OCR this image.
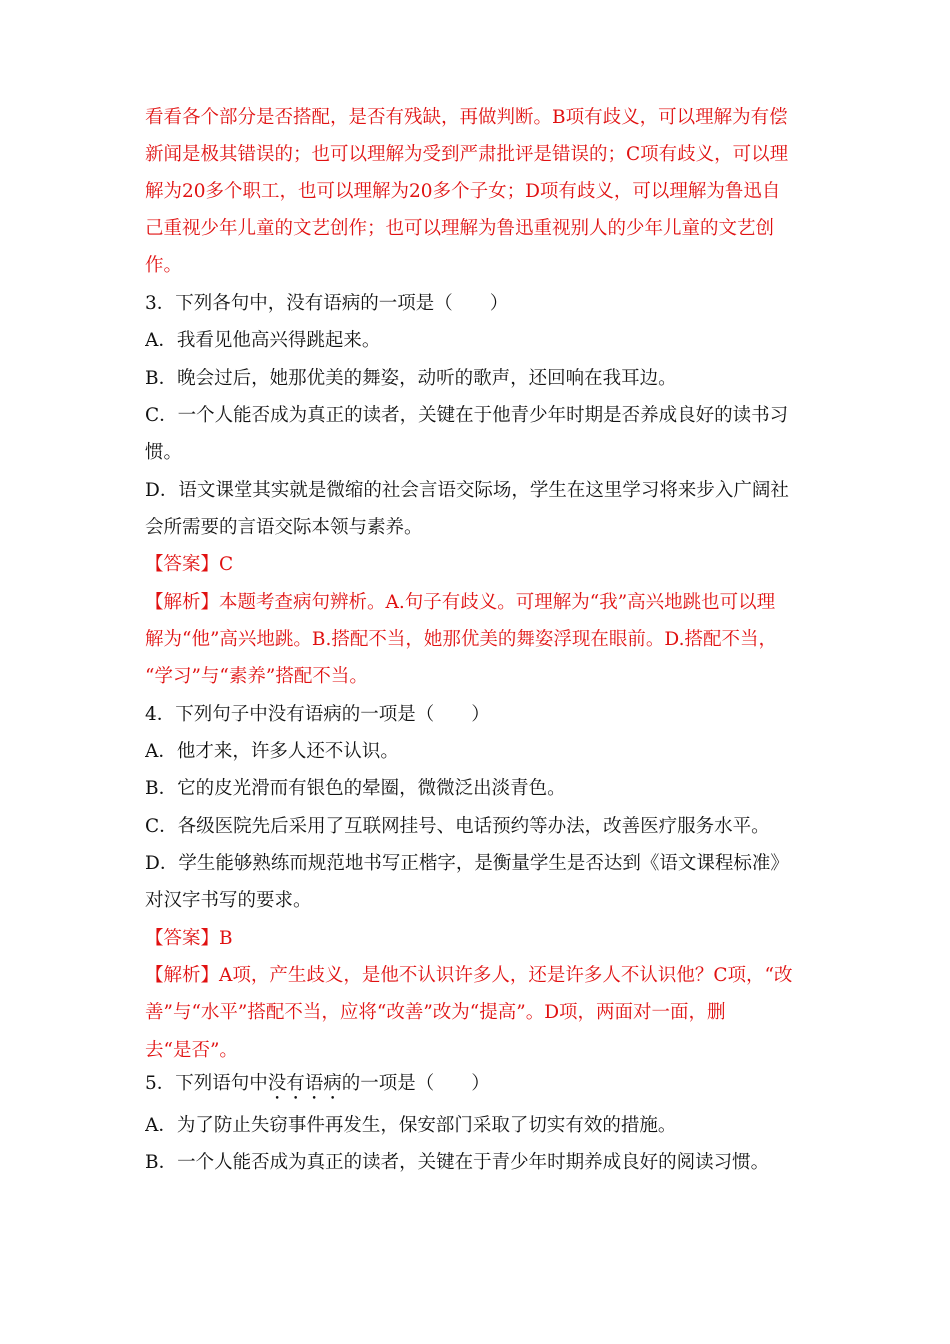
看看各个部分是否搭配，是否有残缺，再做判断。B项有歧义，可以理解为有偿
新闻是极其错误的；也可以理解为受到严肃批评是错误的；C项有歧义，可以理
解为20多个职工，也可以理解为20多个子女；D项有歧义，可以理解为鲁迅自
己重视少年儿童的文艺创作；也可以理解为鲁迅重视别人的少年儿童的文艺创
作。
3．下列各句中，没有语病的一项是（　　）
A．我看见他高兴得跳起来。
B．晚会过后，她那优美的舞姿，动听的歌声，还回响在我耳边。
C．一个人能否成为真正的读者，关键在于他青少年时期是否养成良好的读书习
惯。
D．语文课堂其实就是微缩的社会言语交际场，学生在这里学习将来步入广阔社
会所需要的言语交际本领与素养。
【答案】C
【解析】本题考查病句辨析。A.句子有歧义。可理解为“我”高兴地跳也可以理
解为“他”高兴地跳。B.搭配不当，她那优美的舞姿浮现在眼前。D.搭配不当，
“学习”与“素养”搭配不当。
4．下列句子中没有语病的一项是（　　）
A．他才来，许多人还不认识。
B．它的皮光滑而有银色的晕圈，微微泛出淡青色。
C．各级医院先后采用了互联网挂号、电话预约等办法，改善医疗服务水平。
D．学生能够熟练而规范地书写正楷字，是衡量学生是否达到《语文课程标准》
对汉字书写的要求。
【答案】B
【解析】A项，产生歧义，是他不认识许多人，还是许多人不认识他？C项，“改
善”与“水平”搭配不当，应将“改善”改为“提高”。D项，两面对一面，删
去“是否”。
5．下列语句中没有语病的一项是（　　）
A．为了防止失窃事件再发生，保安部门采取了切实有效的措施。
B．一个人能否成为真正的读者，关键在于青少年时期养成良好的阅读习惯。
